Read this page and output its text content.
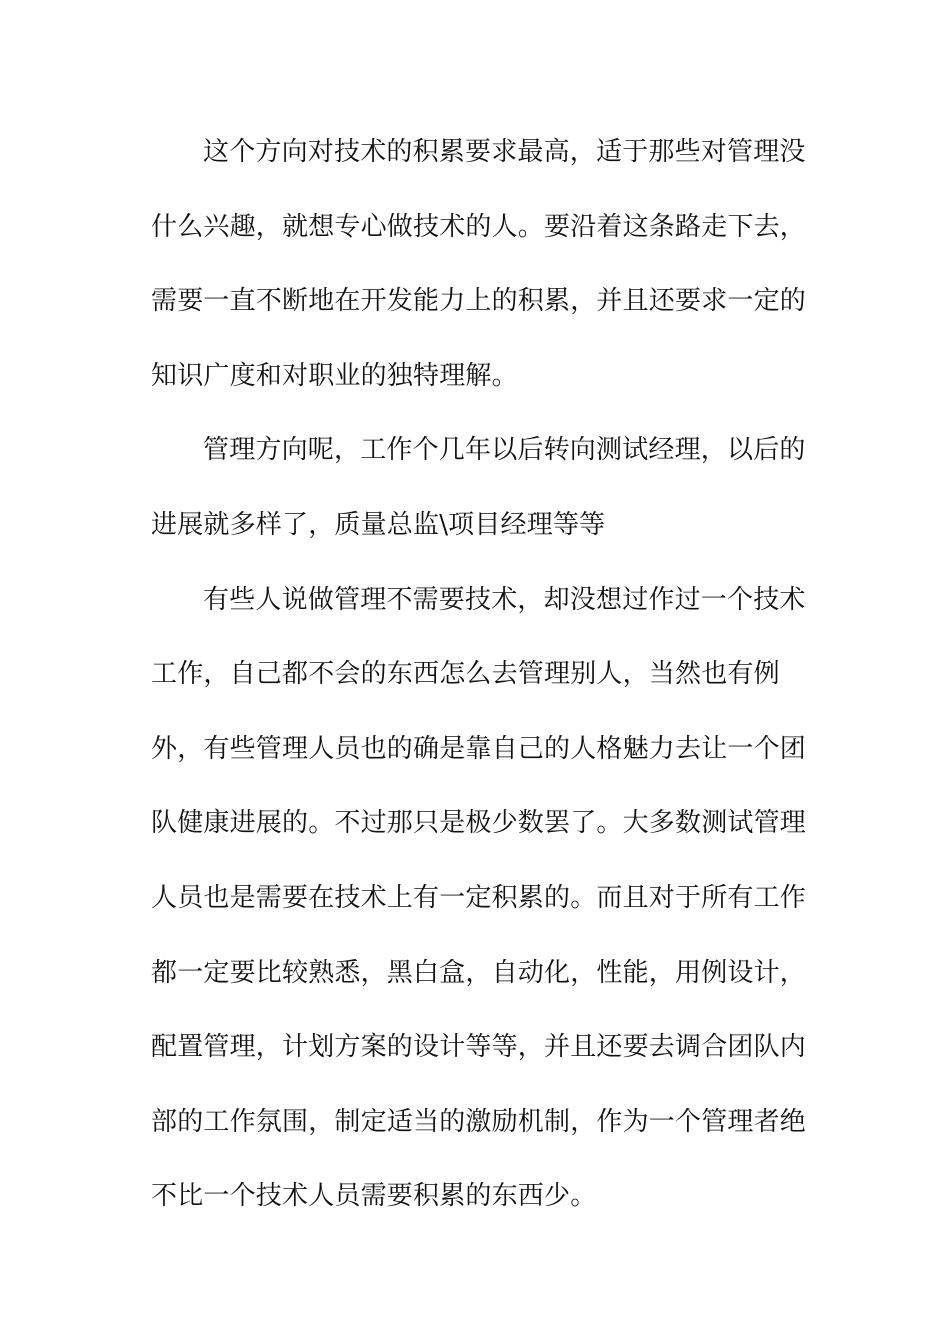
这个方向对技术的积累要求最高，适于那些对管理没
什么兴趣，就想专心做技术的人。要沿着这条路走下去，
需要一直不断地在开发能力上的积累，并且还要求一定的
知识广度和对职业的独特理解。
管理方向呢，工作个几年以后转向测试经理，以后的
进展就多样了，质量总监\项目经理等等
有些人说做管理不需要技术，却没想过作过一个技术
工作，自己都不会的东西怎么去管理别人，当然也有例
外，有些管理人员也的确是靠自己的人格魅力去让一个团
队健康进展的。不过那只是极少数罢了。大多数测试管理
人员也是需要在技术上有一定积累的。而且对于所有工作
都一定要比较熟悉，黑白盒，自动化，性能，用例设计，
配置管理，计划方案的设计等等，并且还要去调合团队内
部的工作氛围，制定适当的激励机制，作为一个管理者绝
不比一个技术人员需要积累的东西少。
